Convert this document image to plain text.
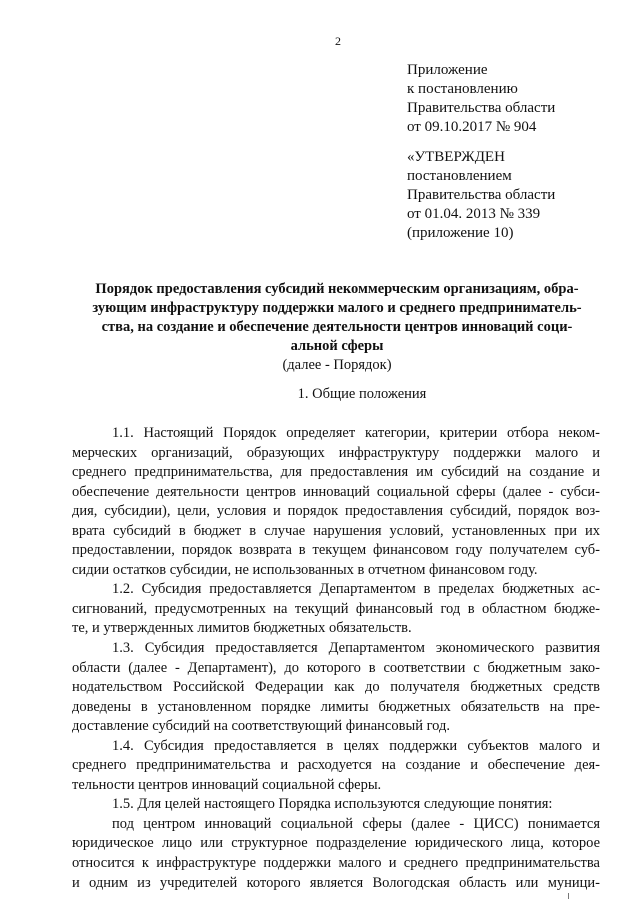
2
Приложение
к постановлению
Правительства области
от 09.10.2017 № 904
«УТВЕРЖДЕН
постановлением
Правительства области
от 01.04. 2013 № 339
(приложение 10)
Порядок предоставления субсидий некоммерческим организациям, обра-
зующим инфраструктуру поддержки малого и среднего предприниматель-
ства, на создание и обеспечение деятельности центров инноваций соци-
альной сферы
(далее - Порядок)
1. Общие положения
1.1. Настоящий Порядок определяет категории, критерии отбора неком-
мерческих организаций, образующих инфраструктуру поддержки малого и
среднего предпринимательства, для предоставления им субсидий на создание и
обеспечение деятельности центров инноваций социальной сферы (далее - субси-
дия, субсидии), цели, условия и порядок предоставления субсидий, порядок воз-
врата субсидий в бюджет в случае нарушения условий, установленных при их
предоставлении, порядок возврата в текущем финансовом году получателем суб-
сидии остатков субсидии, не использованных в отчетном финансовом году.
1.2. Субсидия предоставляется Департаментом в пределах бюджетных ас-
сигнований, предусмотренных на текущий финансовый год в областном бюдже-
те, и утвержденных лимитов бюджетных обязательств.
1.3. Субсидия предоставляется Департаментом экономического развития
области (далее - Департамент), до которого в соответствии с бюджетным зако-
нодательством Российской Федерации как до получателя бюджетных средств
доведены в установленном порядке лимиты бюджетных обязательств на пре-
доставление субсидий на соответствующий финансовый год.
1.4. Субсидия предоставляется в целях поддержки субъектов малого и
среднего предпринимательства и расходуется на создание и обеспечение дея-
тельности центров инноваций социальной сферы.
1.5. Для целей настоящего Порядка используются следующие понятия:
под центром инноваций социальной сферы (далее - ЦИСС) понимается
юридическое лицо или структурное подразделение юридического лица, которое
относится к инфраструктуре поддержки малого и среднего предпринимательства
и одним из учредителей которого является Вологодская область или муници-
